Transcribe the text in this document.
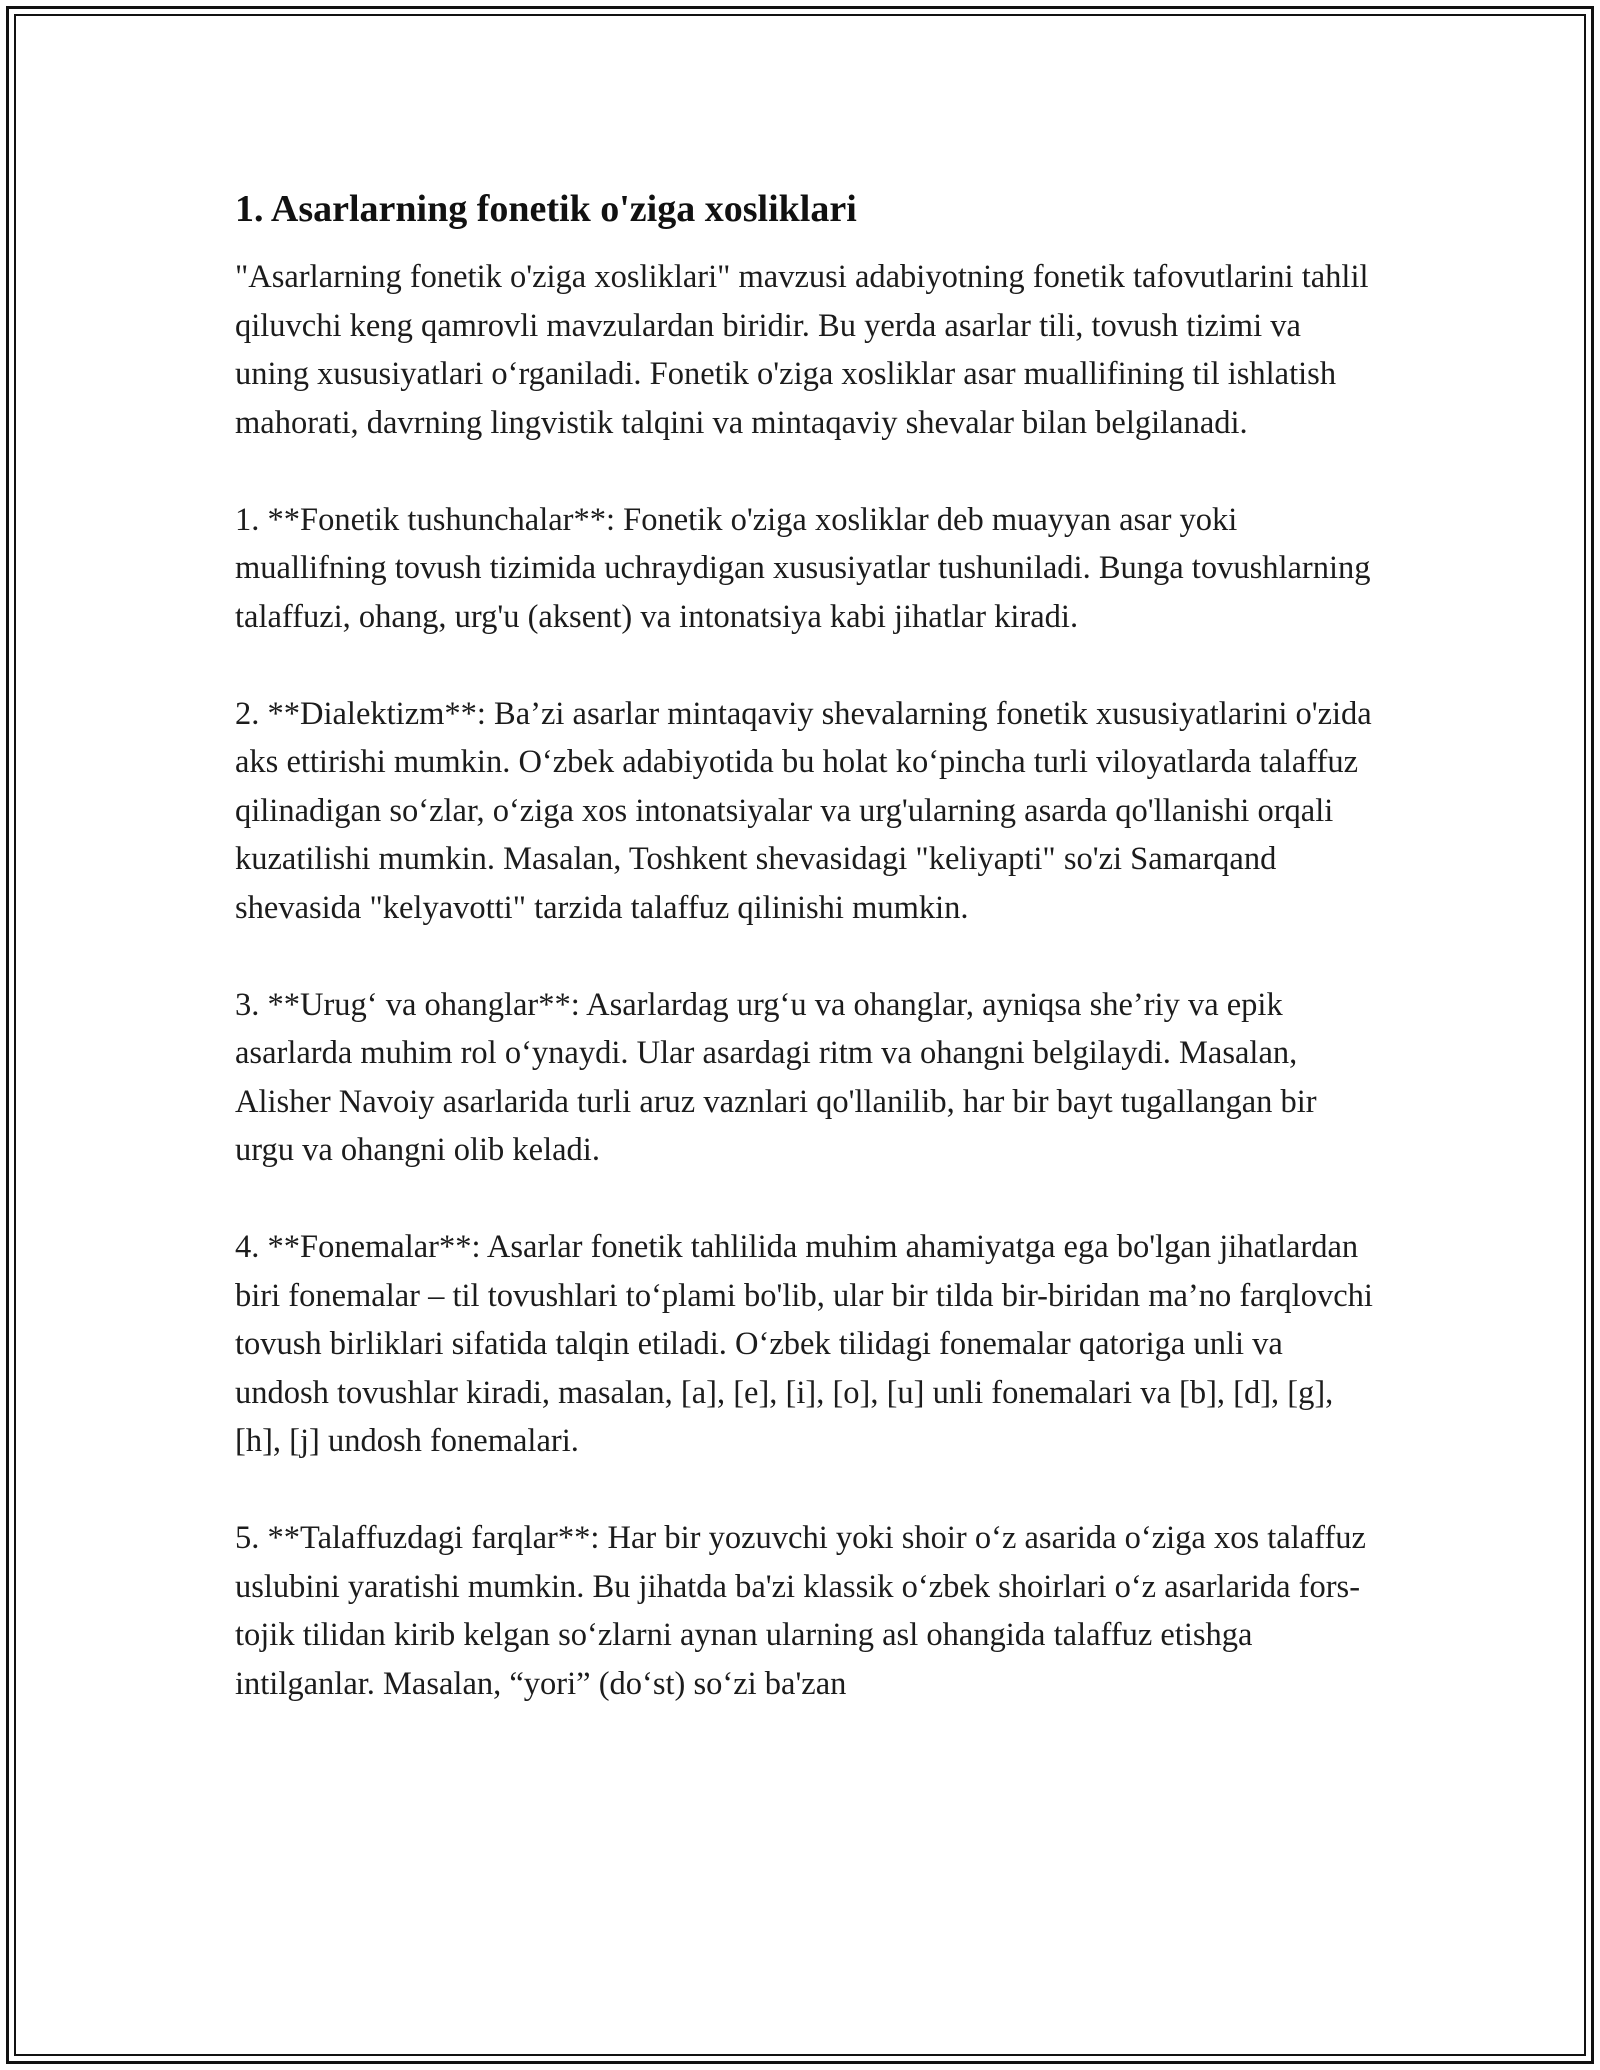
1. Asarlarning fonetik o'ziga xosliklari

"Asarlarning fonetik o'ziga xosliklari" mavzusi adabiyotning fonetik tafovutlarini tahlil qiluvchi keng qamrovli mavzulardan biridir. Bu yerda asarlar tili, tovush tizimi va uning xususiyatlari o‘rganiladi. Fonetik o'ziga xosliklar asar muallifining til ishlatish mahorati, davrning lingvistik talqini va mintaqaviy shevalar bilan belgilanadi.

1. **Fonetik tushunchalar**: Fonetik o'ziga xosliklar deb muayyan asar yoki muallifning tovush tizimida uchraydigan xususiyatlar tushuniladi. Bunga tovushlarning talaffuzi, ohang, urg'u (aksent) va intonatsiya kabi jihatlar kiradi.

2. **Dialektizm**: Ba’zi asarlar mintaqaviy shevalarning fonetik xususiyatlarini o'zida aks ettirishi mumkin. O‘zbek adabiyotida bu holat ko‘pincha turli viloyatlarda talaffuz qilinadigan so‘zlar, o‘ziga xos intonatsiyalar va urg'ularning asarda qo'llanishi orqali kuzatilishi mumkin. Masalan, Toshkent shevasidagi "keliyapti" so'zi Samarqand shevasida "kelyavotti" tarzida talaffuz qilinishi mumkin.

3. **Urug‘ va ohanglar**: Asarlardag urg‘u va ohanglar, ayniqsa she’riy va epik asarlarda muhim rol o‘ynaydi. Ular asardagi ritm va ohangni belgilaydi. Masalan, Alisher Navoiy asarlarida turli aruz vaznlari qo'llanilib, har bir bayt tugallangan bir urgu va ohangni olib keladi.

4. **Fonemalar**: Asarlar fonetik tahlilida muhim ahamiyatga ega bo'lgan jihatlardan biri fonemalar – til tovushlari to‘plami bo'lib, ular bir tilda bir-biridan ma’no farqlovchi tovush birliklari sifatida talqin etiladi. O‘zbek tilidagi fonemalar qatoriga unli va undosh tovushlar kiradi, masalan, [a], [e], [i], [o], [u] unli fonemalari va [b], [d], [g], [h], [j] undosh fonemalari.

5. **Talaffuzdagi farqlar**: Har bir yozuvchi yoki shoir o‘z asarida o‘ziga xos talaffuz uslubini yaratishi mumkin. Bu jihatda ba'zi klassik o‘zbek shoirlari o‘z asarlarida fors-tojik tilidan kirib kelgan so‘zlarni aynan ularning asl ohangida talaffuz etishga intilganlar. Masalan, “yori” (do‘st) so‘zi ba'zan
